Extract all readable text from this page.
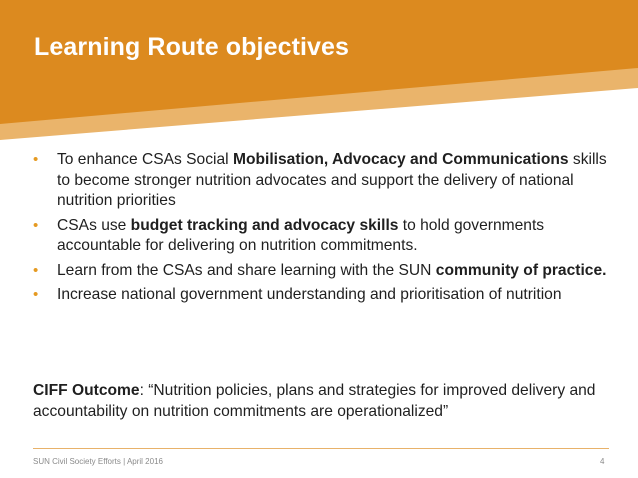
Learning Route objectives
• To enhance CSAs Social Mobilisation, Advocacy and Communications skills to become stronger nutrition advocates and support the delivery of national nutrition priorities
• CSAs use budget tracking and advocacy skills to hold governments accountable for delivering on nutrition commitments.
• Learn from the CSAs and share learning with the SUN community of practice.
• Increase national government understanding and prioritisation of nutrition

CIFF Outcome: “Nutrition policies, plans and strategies for improved delivery and accountability on nutrition commitments are operationalized”

SUN Civil Society Efforts | April 2016	4
